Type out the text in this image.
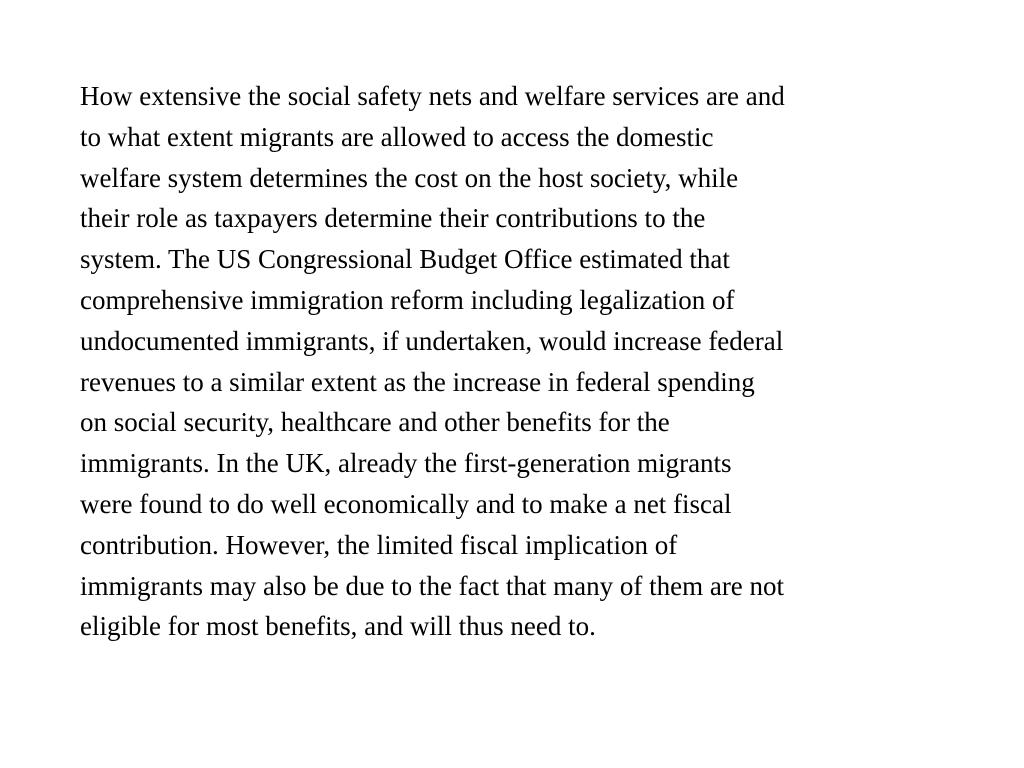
How extensive the social safety nets and welfare services are and
to what extent migrants are allowed to access the domestic
welfare system determines the cost on the host society, while
their role as taxpayers determine their contributions to the
system. The US Congressional Budget Office estimated that
comprehensive immigration reform including legalization of
undocumented immigrants, if undertaken, would increase federal
revenues to a similar extent as the increase in federal spending
on social security, healthcare and other benefits for the
immigrants. In the UK, already the first-generation migrants
were found to do well economically and to make a net fiscal
contribution. However, the limited fiscal implication of
immigrants may also be due to the fact that many of them are not
eligible for most benefits, and will thus need to.
